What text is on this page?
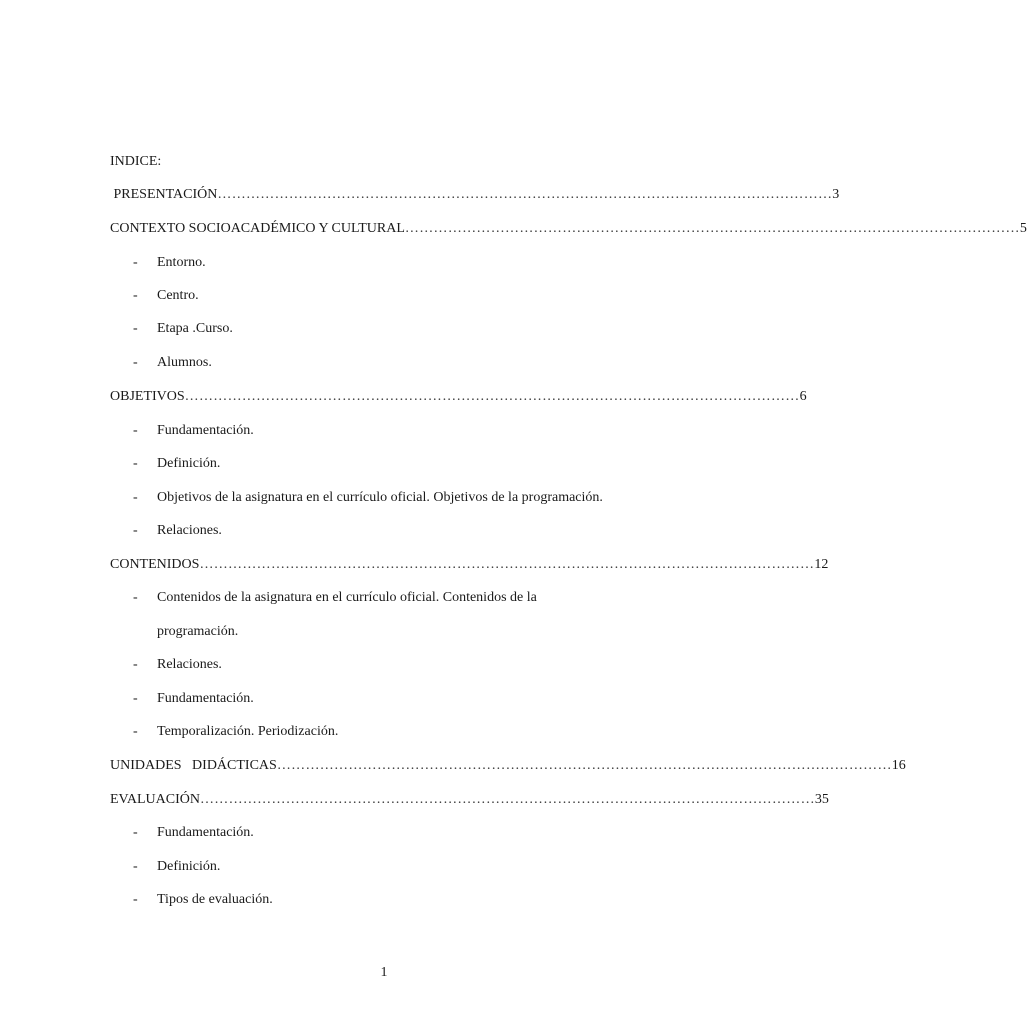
INDICE:
PRESENTACIÓN ………………………………………………………………………………………………………………… 3
CONTEXTO SOCIOACADÉMICO Y CULTURAL ………………………………………………………………………………………………………………… 5
- Entorno.
- Centro.
- Etapa .Curso.
- Alumnos.
OBJETIVOS ………………………………………………………………………………………………………………… 6
- Fundamentación.
- Definición.
- Objetivos de la asignatura en el currículo oficial. Objetivos de la programación.
- Relaciones.
CONTENIDOS ………………………………………………………………………………………………………………… 12
- Contenidos de la asignatura en el currículo oficial. Contenidos de la
programación.
- Relaciones.
- Fundamentación.
- Temporalización. Periodización.
UNIDADES   DIDÁCTICAS ………………………………………………………………………………………………………………… 16
EVALUACIÓN ………………………………………………………………………………………………………………… 35
- Fundamentación.
- Definición.
- Tipos de evaluación.
1
